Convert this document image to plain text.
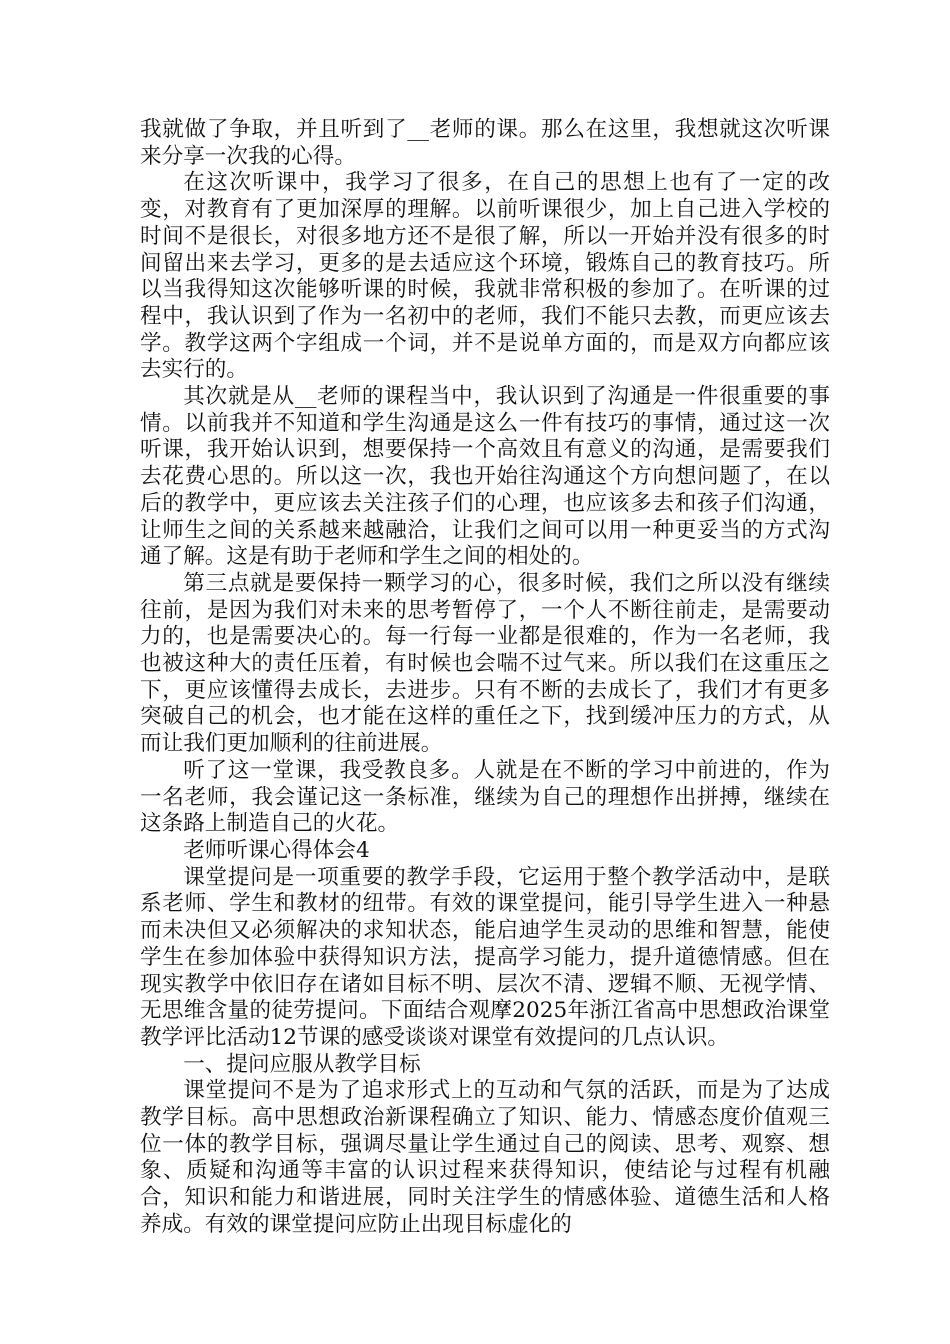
我就做了争取，并且听到了__老师的课。那么在这里，我想就这次听课来分享一次我的心得。

在这次听课中，我学习了很多，在自己的思想上也有了一定的改变，对教育有了更加深厚的理解。以前听课很少，加上自己进入学校的时间不是很长，对很多地方还不是很了解，所以一开始并没有很多的时间留出来去学习，更多的是去适应这个环境，锻炼自己的教育技巧。所以当我得知这次能够听课的时候，我就非常积极的参加了。在听课的过程中，我认识到了作为一名初中的老师，我们不能只去教，而更应该去学。教学这两个字组成一个词，并不是说单方面的，而是双方向都应该去实行的。

其次就是从__老师的课程当中，我认识到了沟通是一件很重要的事情。以前我并不知道和学生沟通是这么一件有技巧的事情，通过这一次听课，我开始认识到，想要保持一个高效且有意义的沟通，是需要我们去花费心思的。所以这一次，我也开始往沟通这个方向想问题了，在以后的教学中，更应该去关注孩子们的心理，也应该多去和孩子们沟通，让师生之间的关系越来越融洽，让我们之间可以用一种更妥当的方式沟通了解。这是有助于老师和学生之间的相处的。

第三点就是要保持一颗学习的心，很多时候，我们之所以没有继续往前，是因为我们对未来的思考暂停了，一个人不断往前走，是需要动力的，也是需要决心的。每一行每一业都是很难的，作为一名老师，我也被这种大的责任压着，有时候也会喘不过气来。所以我们在这重压之下，更应该懂得去成长，去进步。只有不断的去成长了，我们才有更多突破自己的机会，也才能在这样的重任之下，找到缓冲压力的方式，从而让我们更加顺利的往前进展。

听了这一堂课，我受教良多。人就是在不断的学习中前进的，作为一名老师，我会谨记这一条标准，继续为自己的理想作出拼搏，继续在这条路上制造自己的火花。

老师听课心得体会4

课堂提问是一项重要的教学手段，它运用于整个教学活动中，是联系老师、学生和教材的纽带。有效的课堂提问，能引导学生进入一种悬而未决但又必须解决的求知状态，能启迪学生灵动的思维和智慧，能使学生在参加体验中获得知识方法，提高学习能力，提升道德情感。但在现实教学中依旧存在诸如目标不明、层次不清、逻辑不顺、无视学情、无思维含量的徒劳提问。下面结合观摩2025年浙江省高中思想政治课堂教学评比活动12节课的感受谈谈对课堂有效提问的几点认识。

一、提问应服从教学目标

课堂提问不是为了追求形式上的互动和气氛的活跃，而是为了达成教学目标。高中思想政治新课程确立了知识、能力、情感态度价值观三位一体的教学目标，强调尽量让学生通过自己的阅读、思考、观察、想象、质疑和沟通等丰富的认识过程来获得知识，使结论与过程有机融合，知识和能力和谐进展，同时关注学生的情感体验、道德生活和人格养成。有效的课堂提问应防止出现目标虚化的
